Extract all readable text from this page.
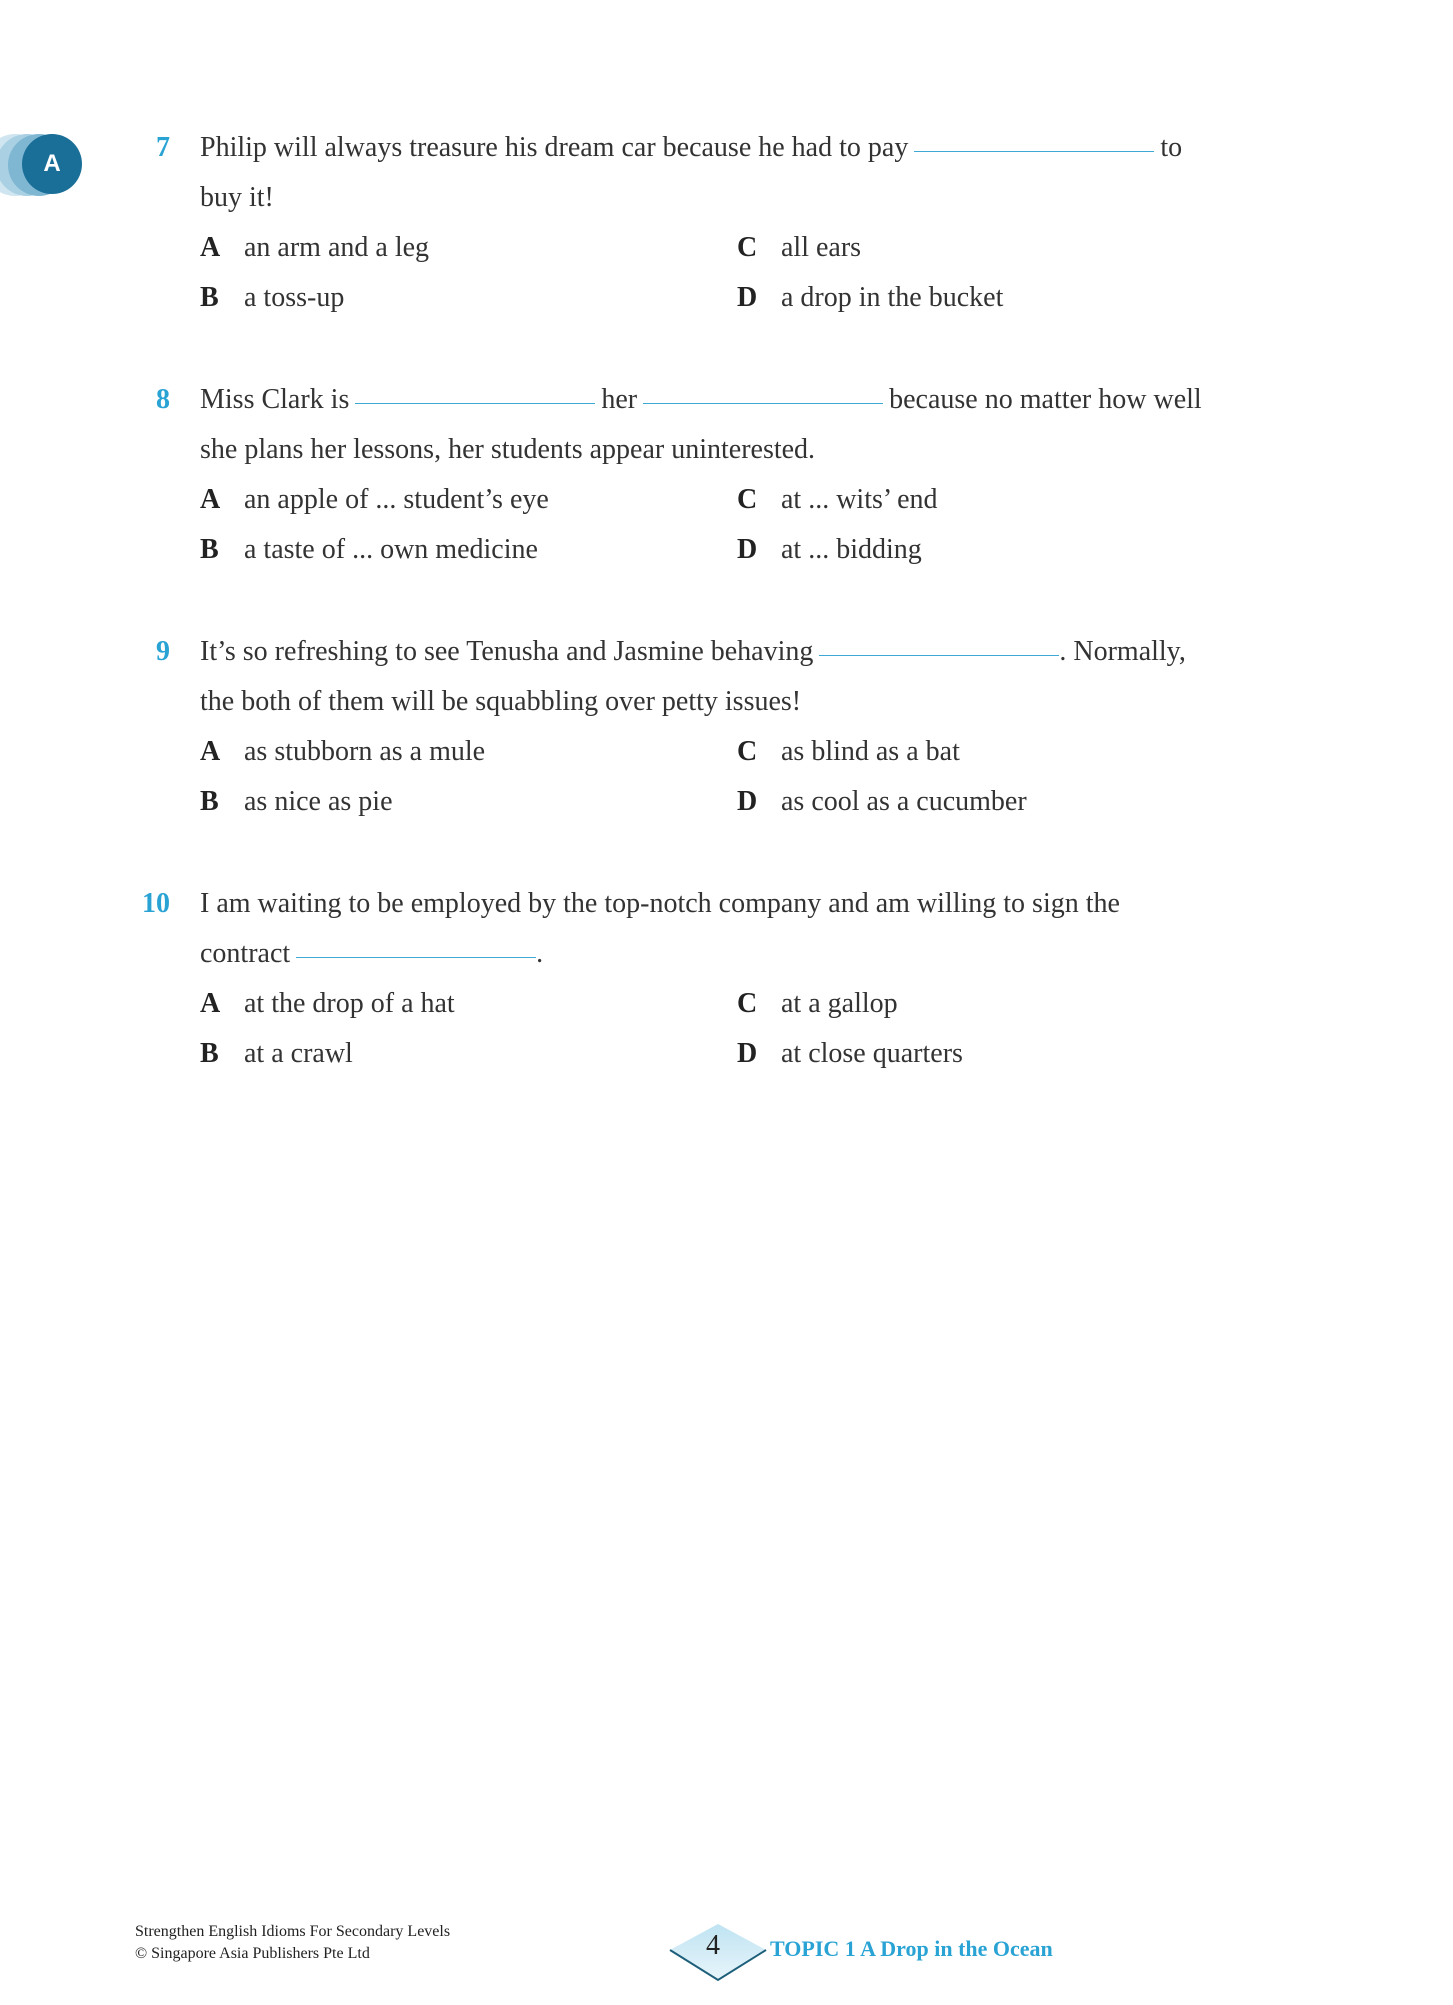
A
7 Philip will always treasure his dream car because he had to pay	to
buy it!
A an arm and a leg
B a toss-up
C all ears
D a drop in the bucket
8 Miss Clark is	her	because no matter how well
she plans her lessons, her students appear uninterested.
A an apple of ... student’s eye
B a taste of ... own medicine
C at ... wits’ end
D at ... bidding
9 It’s so refreshing to see Tenusha and Jasmine behaving	. Normally,
the both of them will be squabbling over petty issues!
A as stubborn as a mule
B as nice as pie
C as blind as a bat
D as cool as a cucumber
10 I am waiting to be employed by the top-notch company and am willing to sign the
contract	.
A at the drop of a hat
B at a crawl
C at a gallop
D at close quarters
Strengthen English Idioms For Secondary Levels
© Singapore Asia Publishers Pte Ltd	4 TOPIC 1 A Drop in the Ocean
